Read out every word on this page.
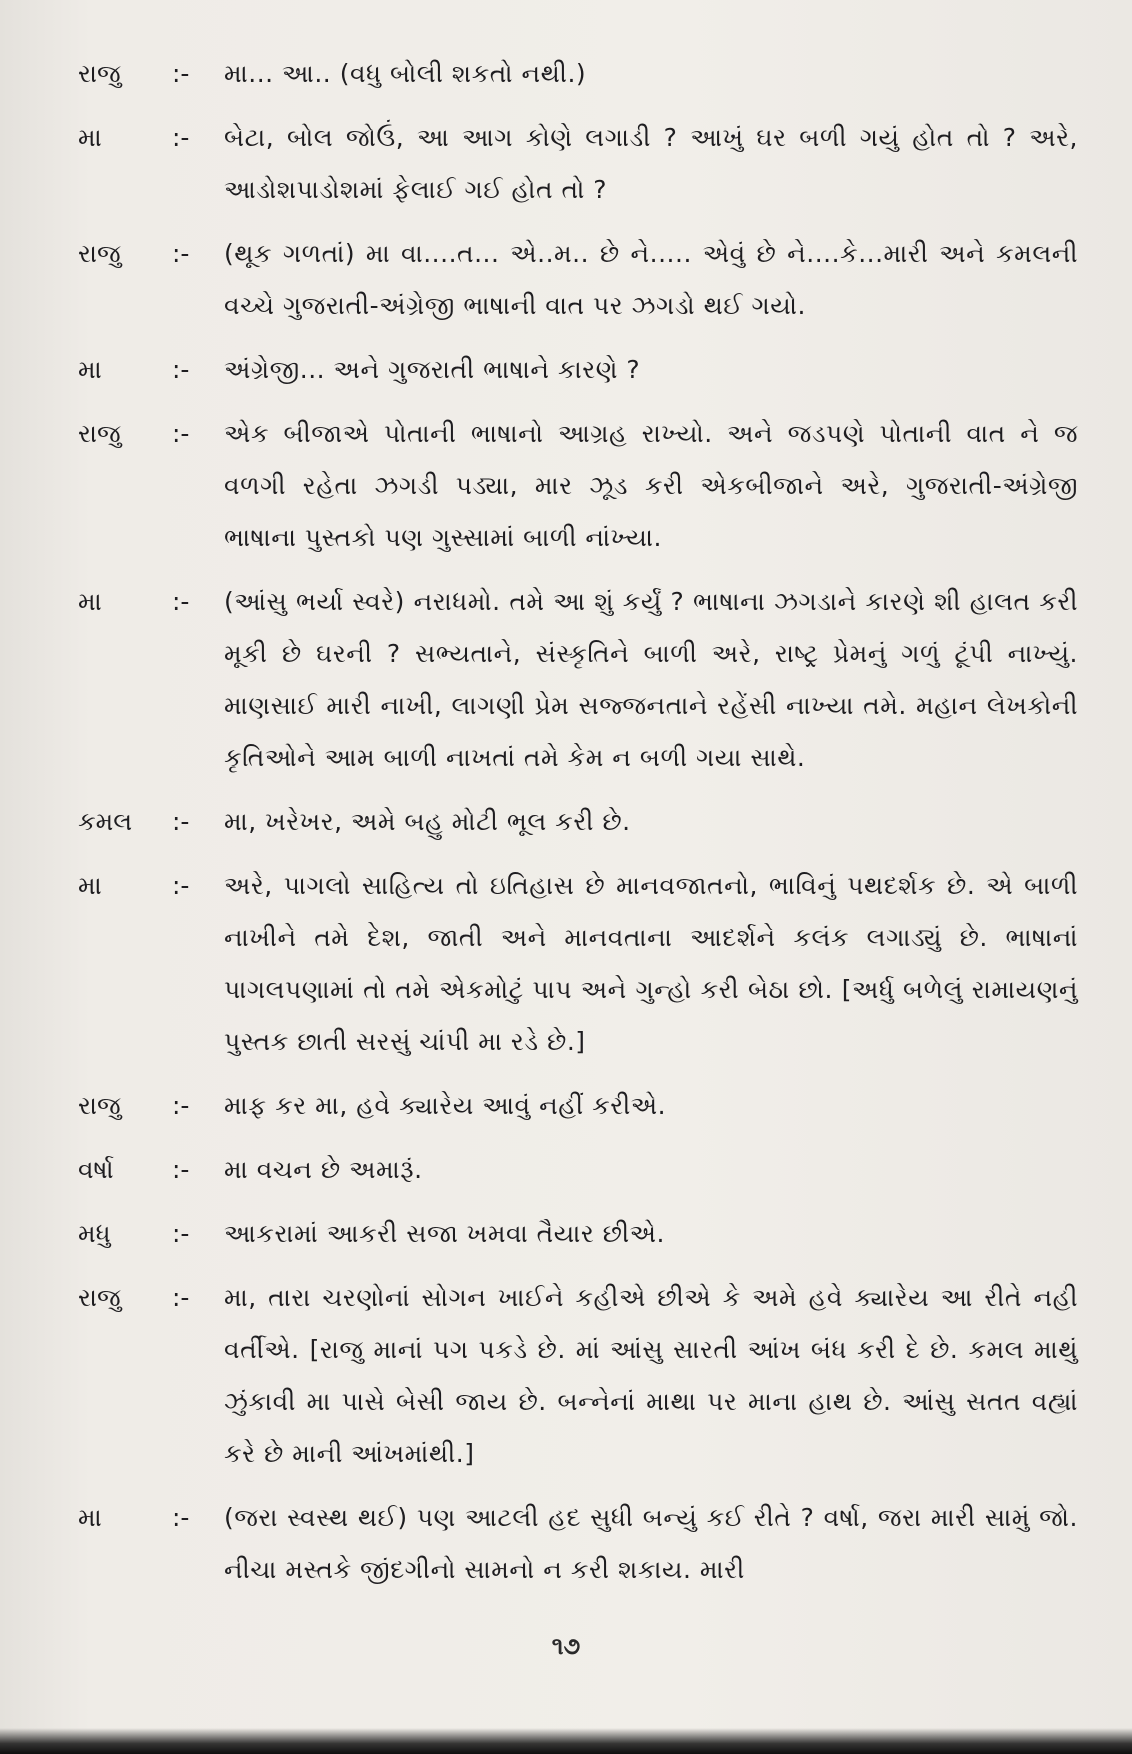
રાજુ	:-	મા... આ.. (વધુ બોલી શકતો નથી.)
મા	:-	બેટા, બોલ જોઉં, આ આગ કોણે લગાડી ? આખું ઘર બળી ગયું હોત તો ? અરે, આડોશપાડોશમાં ફેલાઈ ગઈ હોત તો ?
રાજુ	:-	(થૂક ગળતાં) મા વા....ત... એ..મ.. છે ને..... એવું છે ને....કે...મારી અને કમલની વચ્ચે ગુજરાતી-અંગ્રેજી ભાષાની વાત પર ઝગડો થઈ ગયો.
મા	:-	અંગ્રેજી... અને ગુજરાતી ભાષાને કારણે ?
રાજુ	:-	એક બીજાએ પોતાની ભાષાનો આગ્રહ રાખ્યો. અને જડપણે પોતાની વાત ને જ વળગી રહેતા ઝગડી પડ્યા, માર ઝૂડ કરી એકબીજાને અરે, ગુજરાતી-અંગ્રેજી ભાષાના પુસ્તકો પણ ગુસ્સામાં બાળી નાંખ્યા.
મા	:-	(આંસુ ભર્યા સ્વરે) નરાધમો. તમે આ શું કર્યું ? ભાષાના ઝગડાને કારણે શી હાલત કરી મૂકી છે ઘરની ? સભ્યતાને, સંસ્કૃતિને બાળી અરે, રાષ્ટ્ર પ્રેમનું ગળું ટૂંપી નાખ્યું. માણસાઈ મારી નાખી, લાગણી પ્રેમ સજ્જનતાને રહેંસી નાખ્યા તમે. મહાન લેખકોની કૃતિઓને આમ બાળી નાખતાં તમે કેમ ન બળી ગયા સાથે.
કમલ	:-	મા, ખરેખર, અમે બહુ મોટી ભૂલ કરી છે.
મા	:-	અરે, પાગલો સાહિત્ય તો ઇતિહાસ છે માનવજાતનો, ભાવિનું પથદર્શક છે. એ બાળી નાખીને તમે દેશ, જાતી અને માનવતાના આદર્શને કલંક લગાડ્યું છે. ભાષાનાં પાગલપણામાં તો તમે એકમોટું પાપ અને ગુન્હો કરી બેઠા છો. [અર્ધુ બળેલું રામાયણનું પુસ્તક છાતી સરસું ચાંપી મા રડે છે.]
રાજુ	:-	માફ કર મા, હવે ક્યારેય આવું નહીં કરીએ.
વર્ષા	:-	મા વચન છે અમારૂં.
મધુ	:-	આકરામાં આકરી સજા ખમવા તૈયાર છીએ.
રાજુ	:-	મા, તારા ચરણોનાં સોગન ખાઈને કહીએ છીએ કે અમે હવે ક્યારેય આ રીતે નહી વર્તીએ. [રાજુ માનાં પગ પકડે છે. માં આંસુ સારતી આંખ બંધ કરી દે છે. કમલ માથું ઝુંકાવી મા પાસે બેસી જાય છે. બન્નેનાં માથા પર માના હાથ છે. આંસુ સતત વહ્યાં કરે છે માની આંખમાંથી.]
મા	:-	(જરા સ્વસ્થ થઈ) પણ આટલી હદ સુધી બન્યું કઈ રીતે ? વર્ષા, જરા મારી સામું જો. નીચા મસ્તકે જીંદગીનો સામનો ન કરી શકાય. મારી
૧૭
